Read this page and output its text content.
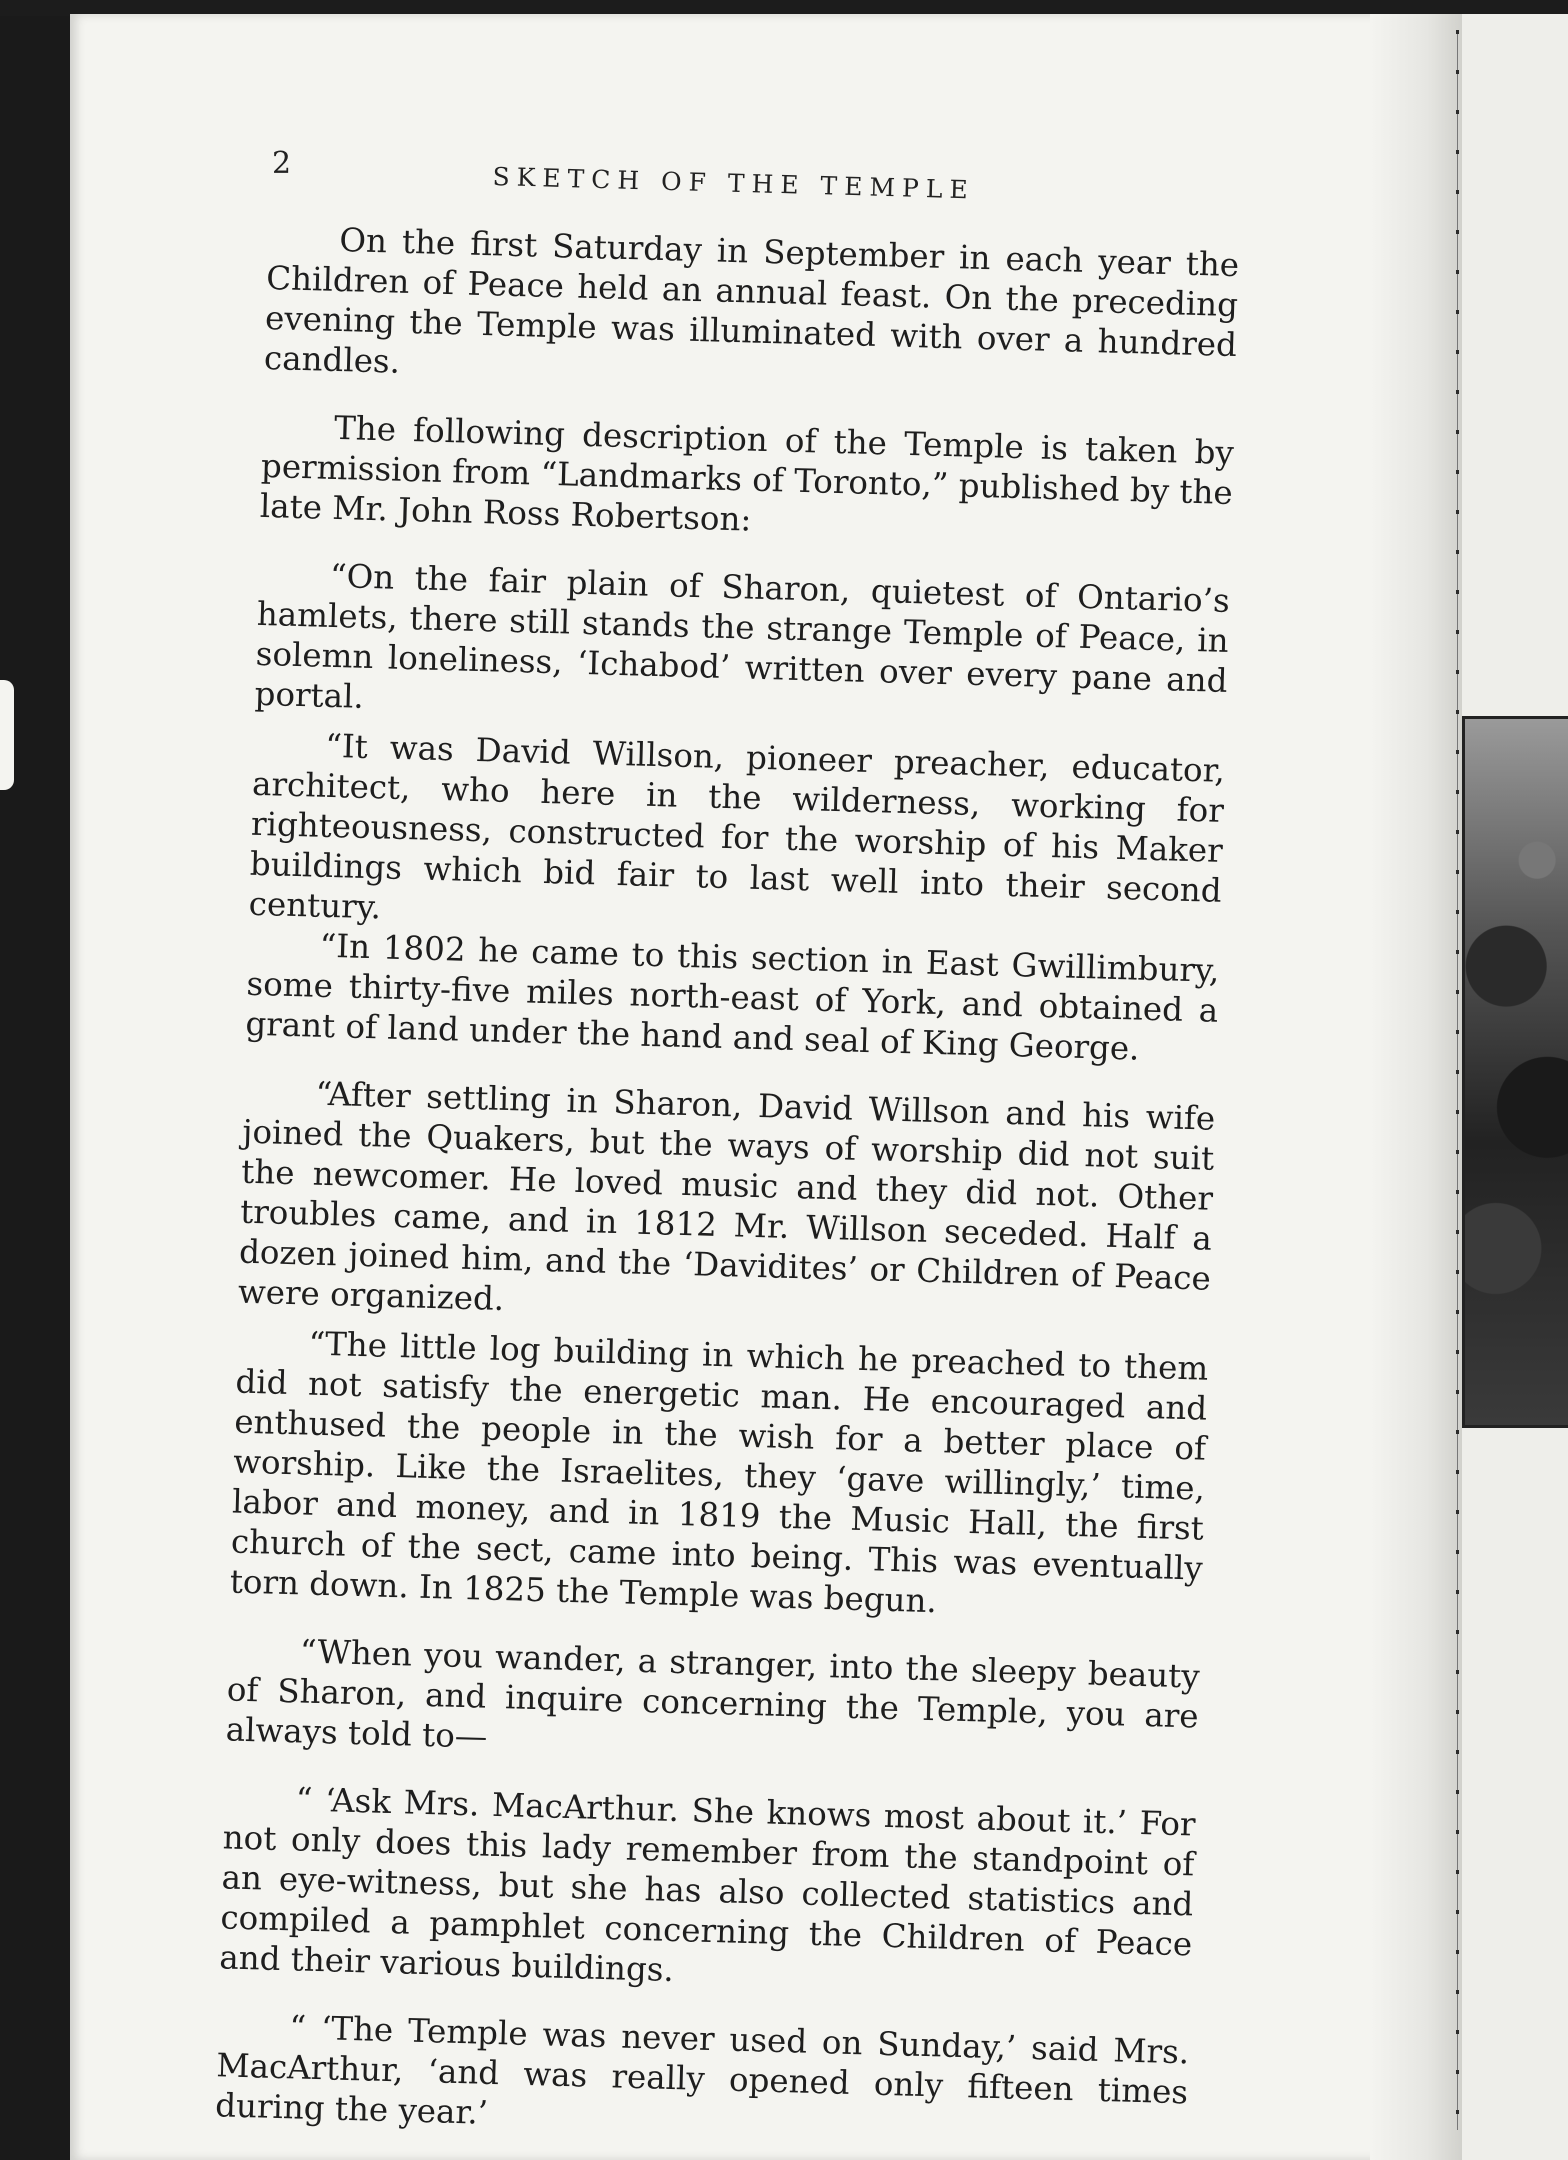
2	SKETCH OF THE TEMPLE

On the first Saturday in September in each year the Children of Peace held an annual feast. On the preceding evening the Temple was illuminated with over a hundred candles.

The following description of the Temple is taken by permission from “Landmarks of Toronto,” published by the late Mr. John Ross Robertson:

“On the fair plain of Sharon, quietest of Ontario’s hamlets, there still stands the strange Temple of Peace, in solemn loneliness, ‘Ichabod’ written over every pane and portal.

“It was David Willson, pioneer preacher, educator, architect, who here in the wilderness, working for righteousness, constructed for the worship of his Maker buildings which bid fair to last well into their second century.

“In 1802 he came to this section in East Gwillimbury, some thirty-five miles north-east of York, and obtained a grant of land under the hand and seal of King George.

“After settling in Sharon, David Willson and his wife joined the Quakers, but the ways of worship did not suit the newcomer. He loved music and they did not. Other troubles came, and in 1812 Mr. Willson seceded. Half a dozen joined him, and the ‘Davidites’ or Children of Peace were organized.

“The little log building in which he preached to them did not satisfy the energetic man. He encouraged and enthused the people in the wish for a better place of worship. Like the Israelites, they ‘gave willingly,’ time, labor and money, and in 1819 the Music Hall, the first church of the sect, came into being. This was eventually torn down. In 1825 the Temple was begun.

“When you wander, a stranger, into the sleepy beauty of Sharon, and inquire concerning the Temple, you are always told to—

“ ‘Ask Mrs. MacArthur. She knows most about it.’ For not only does this lady remember from the standpoint of an eye-witness, but she has also collected statistics and compiled a pamphlet concerning the Children of Peace and their various buildings.

“ ‘The Temple was never used on Sunday,’ said Mrs. MacArthur, ‘and was really opened only fifteen times during the year.’
